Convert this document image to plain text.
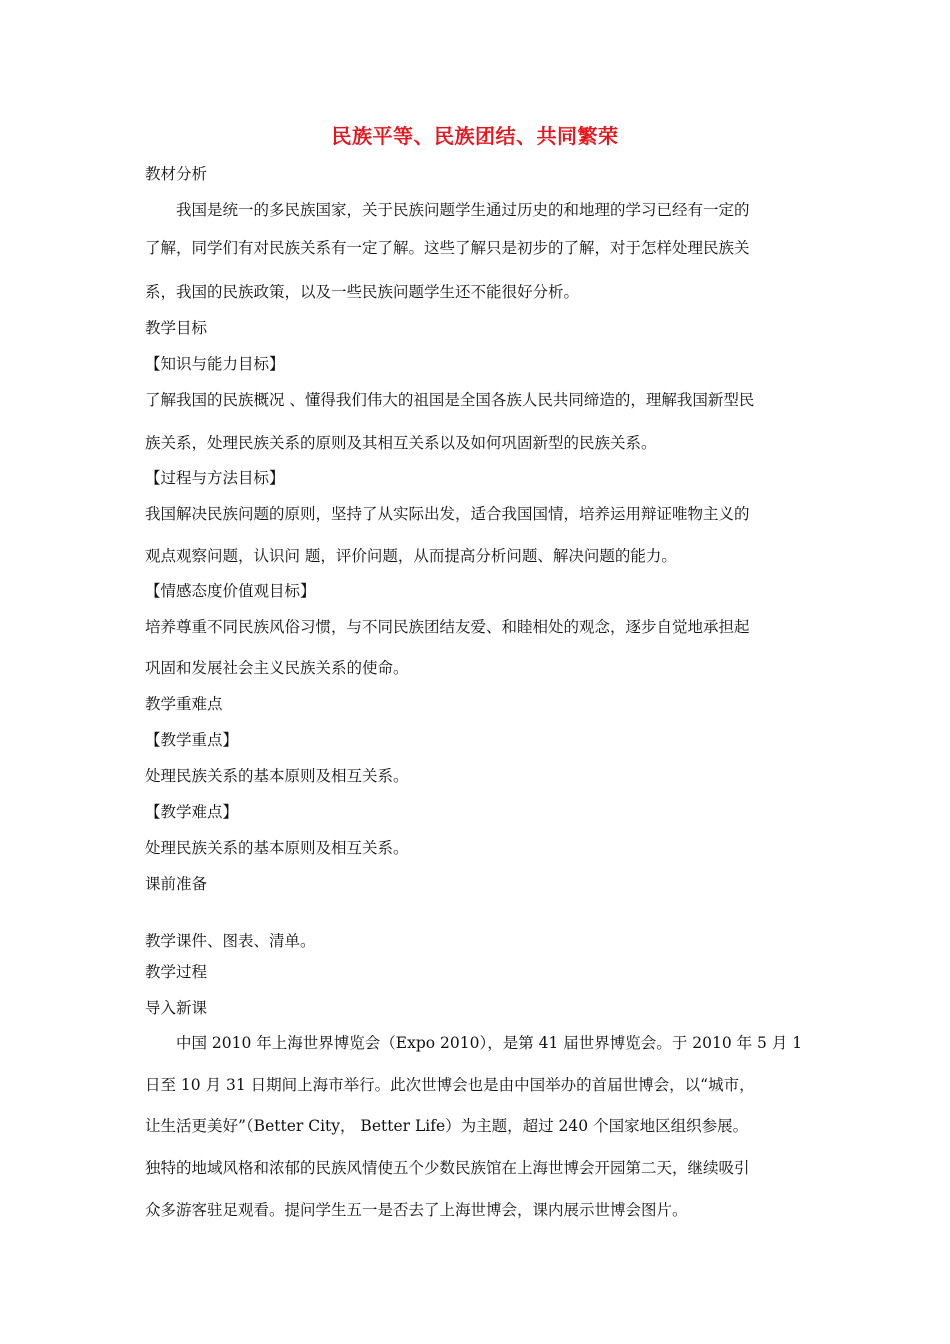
民族平等、民族团结、共同繁荣
教材分析
我国是统一的多民族国家，关于民族问题学生通过历史的和地理的学习已经有一定的
了解，同学们有对民族关系有一定了解。这些了解只是初步的了解，对于怎样处理民族关
系，我国的民族政策，以及一些民族问题学生还不能很好分析。
教学目标
【知识与能力目标】
了解我国的民族概况 、懂得我们伟大的祖国是全国各族人民共同缔造的，理解我国新型民
族关系，处理民族关系的原则及其相互关系以及如何巩固新型的民族关系。
【过程与方法目标】
我国解决民族问题的原则，坚持了从实际出发，适合我国国情，培养运用辩证唯物主义的
观点观察问题，认识问 题，评价问题，从而提高分析问题、解决问题的能力。
【情感态度价值观目标】
培养尊重不同民族风俗习惯，与不同民族团结友爱、和睦相处的观念，逐步自觉地承担起
巩固和发展社会主义民族关系的使命。
教学重难点
【教学重点】
处理民族关系的基本原则及相互关系。
【教学难点】
处理民族关系的基本原则及相互关系。
课前准备
教学课件、图表、清单。
教学过程
导入新课
中国 2010 年上海世界博览会（Expo 2010），是第 41 届世界博览会。于 2010 年 5 月 1
日至 10 月 31 日期间上海市举行。此次世博会也是由中国举办的首届世博会，以“城市，
让生活更美好”（Better City， Better Life）为主题，超过 240 个国家地区组织参展。
独特的地域风格和浓郁的民族风情使五个少数民族馆在上海世博会开园第二天，继续吸引
众多游客驻足观看。提问学生五一是否去了上海世博会，课内展示世博会图片。
